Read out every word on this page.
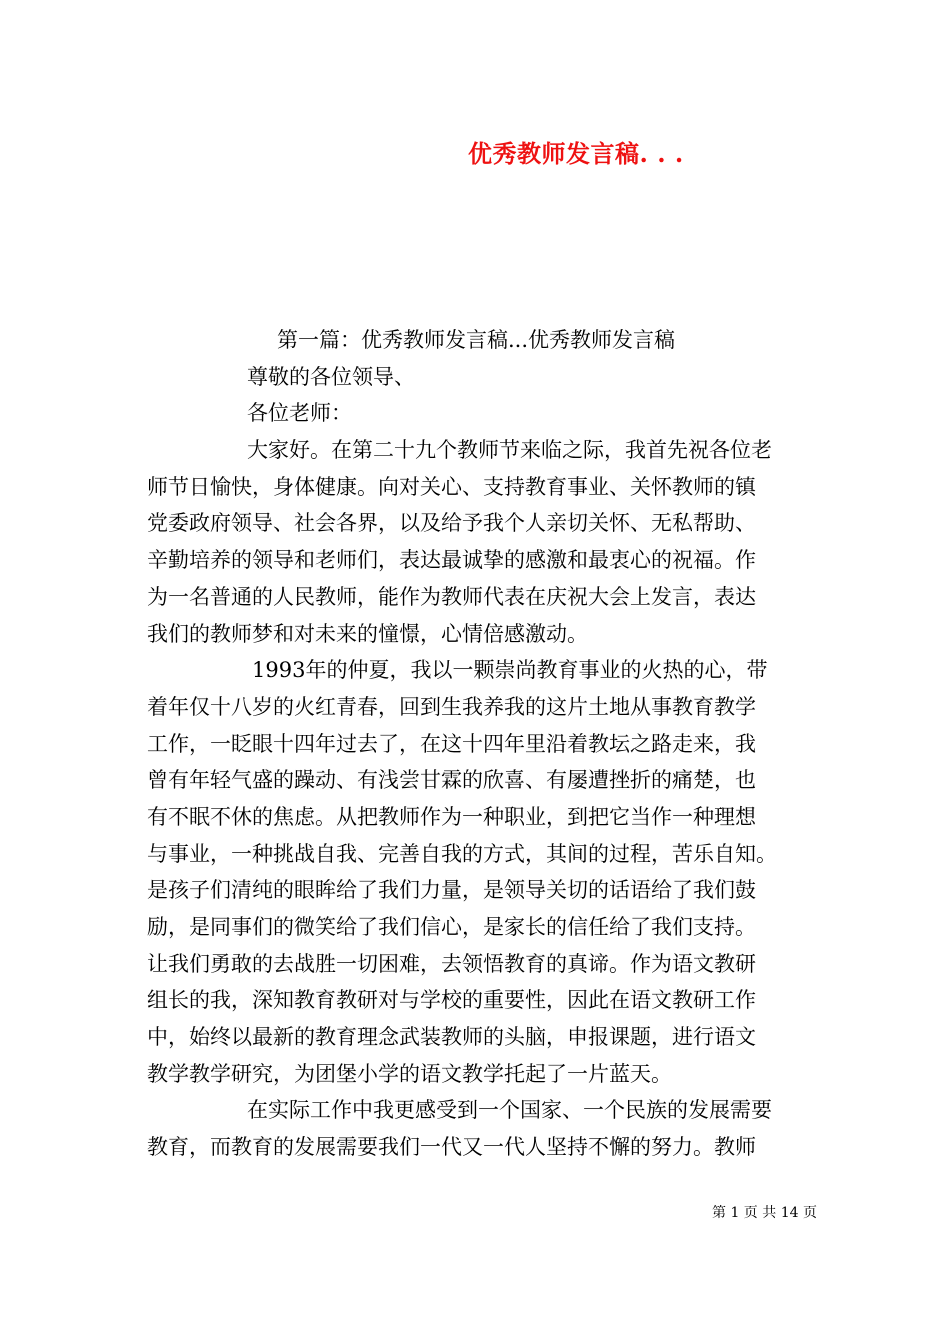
优秀教师发言稿. . .
第一篇：优秀教师发言稿...优秀教师发言稿
尊敬的各位领导、
各位老师：
大家好。在第二十九个教师节来临之际，我首先祝各位老
师节日愉快，身体健康。向对关心、支持教育事业、关怀教师的镇
党委政府领导、社会各界，以及给予我个人亲切关怀、无私帮助、
辛勤培养的领导和老师们，表达最诚挚的感激和最衷心的祝福。作
为一名普通的人民教师，能作为教师代表在庆祝大会上发言，表达
我们的教师梦和对未来的憧憬，心情倍感激动。
1993年的仲夏，我以一颗崇尚教育事业的火热的心，带
着年仅十八岁的火红青春，回到生我养我的这片土地从事教育教学
工作，一眨眼十四年过去了，在这十四年里沿着教坛之路走来，我
曾有年轻气盛的躁动、有浅尝甘霖的欣喜、有屡遭挫折的痛楚，也
有不眠不休的焦虑。从把教师作为一种职业，到把它当作一种理想
与事业，一种挑战自我、完善自我的方式，其间的过程，苦乐自知。
是孩子们清纯的眼眸给了我们力量，是领导关切的话语给了我们鼓
励，是同事们的微笑给了我们信心，是家长的信任给了我们支持。
让我们勇敢的去战胜一切困难，去领悟教育的真谛。作为语文教研
组长的我，深知教育教研对与学校的重要性，因此在语文教研工作
中，始终以最新的教育理念武装教师的头脑，申报课题，进行语文
教学教学研究，为团堡小学的语文教学托起了一片蓝天。
在实际工作中我更感受到一个国家、一个民族的发展需要
教育，而教育的发展需要我们一代又一代人坚持不懈的努力。教师
第 1 页 共 14 页
